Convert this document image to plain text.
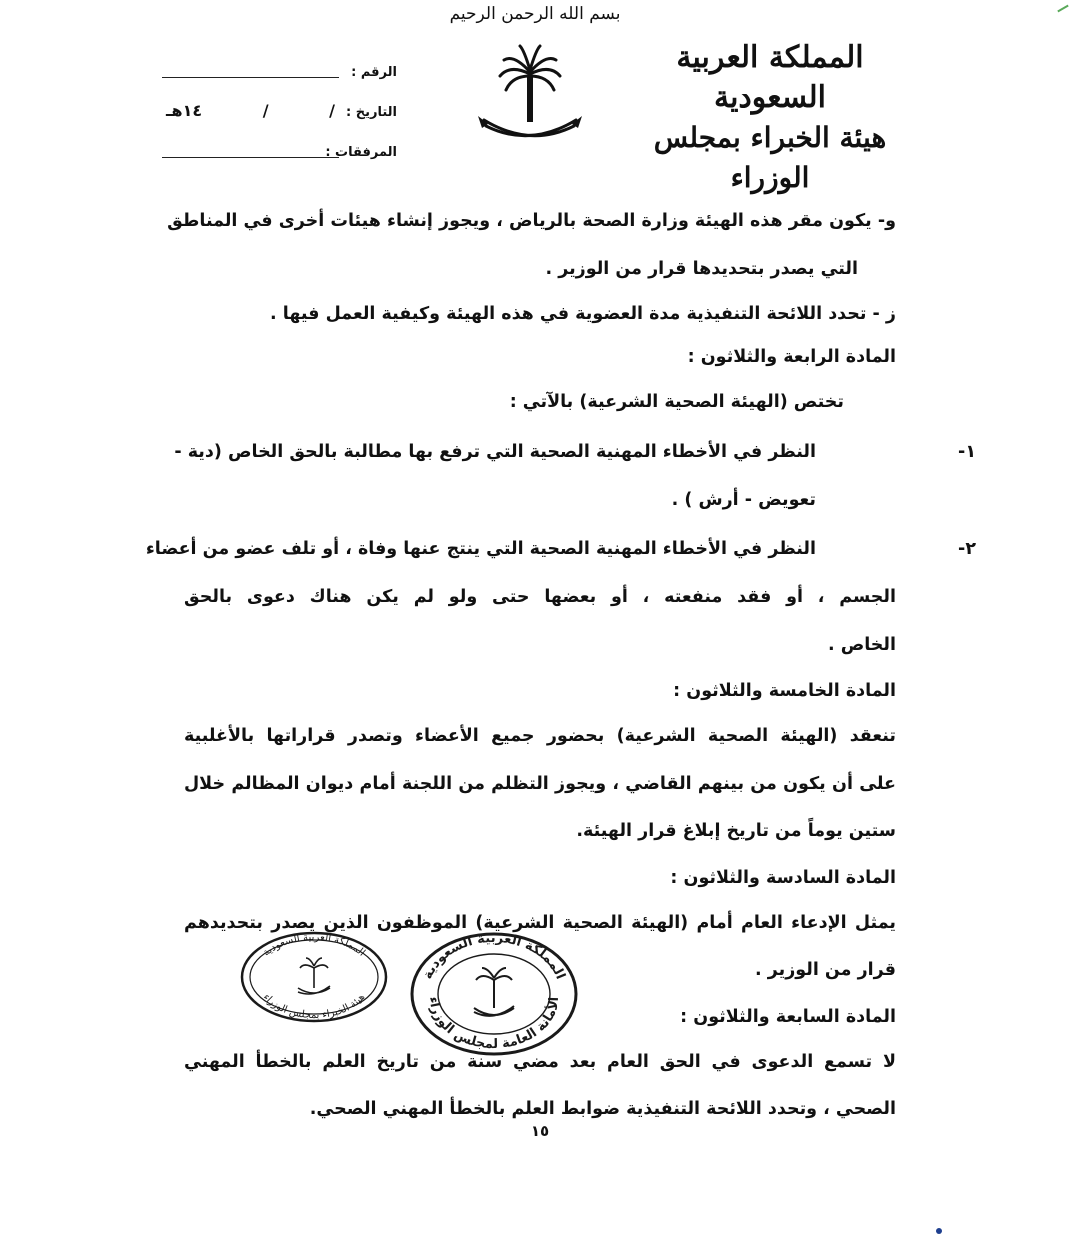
بسم الله الرحمن الرحيم
المملكة العربية السعودية
هيئة الخبراء بمجلس الوزراء
الرقم :
التاريخ :
/
/
١٤هـ
المرفقات :
و- يكون مقر هذه الهيئة وزارة الصحة بالرياض ، ويجوز إنشاء هيئات أخرى في المناطق
التي يصدر بتحديدها قرار من الوزير .
ز - تحدد اللائحة التنفيذية مدة العضوية في هذه الهيئة وكيفية العمل فيها .
المادة الرابعة والثلاثون :
تختص (الهيئة الصحية الشرعية) بالآتي :
١-النظر في الأخطاء المهنية الصحية التي ترفع بها مطالبة بالحق الخاص (دية -
تعويض - أرش ) .
٢-النظر في الأخطاء المهنية الصحية التي ينتج عنها وفاة ، أو تلف عضو من أعضاء
الجسم ، أو فقد منفعته ، أو بعضها حتى ولو لم يكن هناك دعوى بالحق
الخاص .
المادة الخامسة والثلاثون :
تنعقد (الهيئة الصحية الشرعية) بحضور جميع الأعضاء وتصدر قراراتها بالأغلبية
على أن يكون من بينهم القاضي ، ويجوز التظلم من اللجنة أمام ديوان المظالم خلال
ستين يوماً من تاريخ إبلاغ قرار الهيئة.
المادة السادسة والثلاثون :
يمثل الإدعاء العام أمام (الهيئة الصحية الشرعية) الموظفون الذين يصدر بتحديدهم
قرار من الوزير .
المادة السابعة والثلاثون :
لا تسمع الدعوى في الحق العام بعد مضي سنة من تاريخ العلم بالخطأ المهني
الصحي ، وتحدد اللائحة التنفيذية ضوابط العلم بالخطأ المهني الصحي.
المملكة العربية السعودية
هيئة الخبراء بمجلس الوزراء
المملكة العربية السعودية
الأمانة العامة لمجلس الوزراء
١٥
